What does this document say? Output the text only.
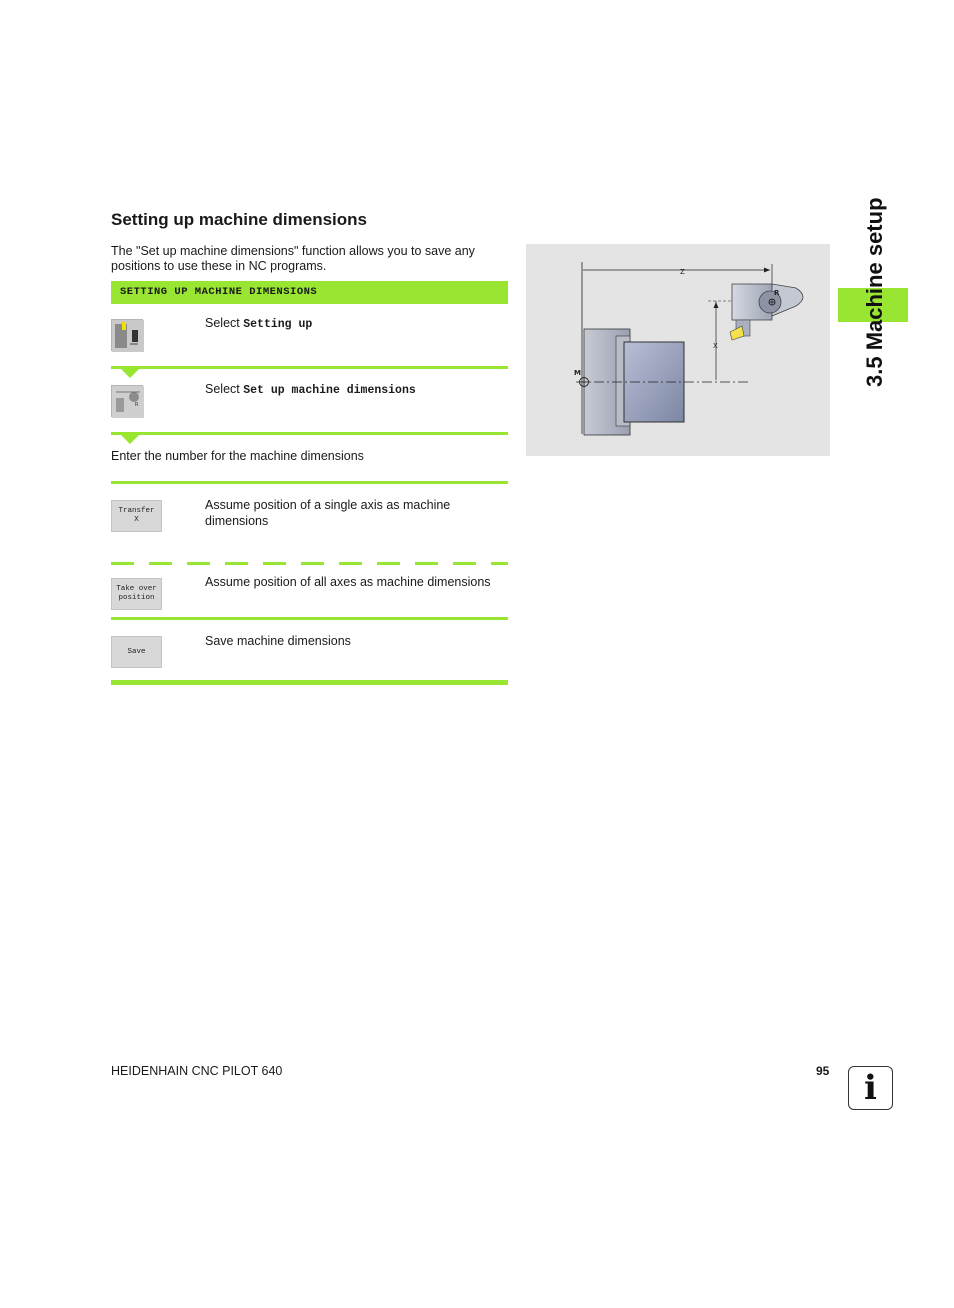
Setting up machine dimensions
The "Set up machine dimensions" function allows you to save any positions to use these in NC programs.
SETTING UP MACHINE DIMENSIONS
Select Setting up
R
Select Set up machine dimensions
Enter the number for the machine dimensions
Transfer
X
Assume position of a single axis as machine dimensions
Take over
position
Assume position of all axes as machine dimensions
Save
Save machine dimensions
M
Z
X
R	3.5 Machine setup
HEIDENHAIN CNC PILOT 640	95	i
